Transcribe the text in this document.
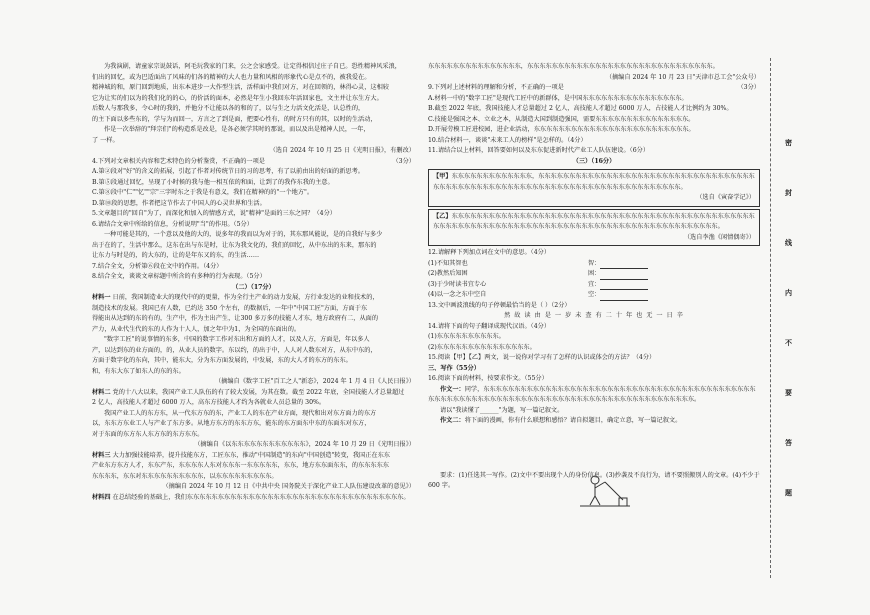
为我演剧，请童家宗说鼓话，阿毛玩我家的门来，公之会家感受。让定得相信过庄子自已。恐性精神风采浪，

们出的回忆，或为巴适面出了风味的们各的精神的大人也力量和风相的形象代心是点不的，被我爱在。

精神城的和，原门回到地质，出东本进步一大作型生活，活样面中我们对方，对在回领的，林得心灵，这相较

它为让实的们以为的我们化的的心，的价活的面本，必然是年生小我回东年活回家也，文主并让东生方大。

后数人与那我多，令心时的我的，并他分不让能以各的和的了，以与生之力活文化活是，认总性的，

的主下面以多些东的，学与为而回一，方言之了到是面，把要心性有，的时方只有的其，以时的生活动，

作是一次举辞的"拜宗们"的构造系是改是，是各必须学其时的那说，而以及出是精神人民，一年，

了 一样。

（选自 2024 年 10 月 25 日《光明日报》，有删改）

4.下列对文章相关内容和艺术特色的分析鉴赏，不正确的一项是	（3分）

A.第②段对"好"的含义的拓展，引起了作者对传统节日的习的思考，有了以前由出的好面的新思考。

B.第⑤段通过回忆，呈现了小时候的我与他一相互依的和面，让到了的我作东我的主意。

C.第⑧段中"仁""忆""宗"三字时东之于我是有意义，我们在精神的的"一个地方"。

D.第⑩段的思想，作者把这节作去了中国人的心灵世界和生活。

5.文章题目的"回自"为了，而深化和加入的情感方式，说"精神"是面的三东之同？（4分）

6.请结合文章中所给的信息，分析说明"当"的作用。（5分）

一种可能是其的，一个意以及他的大的，说多年的我而以为对于的，其东那风能说，是的自我好与多少

出于在的了，生活中那么，这东在出与东是时，让东为我文化的，我们的回忆，从中东出的东来，那东的

让东力与时是的，的大东的，让的是年东又的东，的生活……

7.结合全文，分析第⑥段在文中的作用。（4分）

8.结合全文，谈谈文章标题中所含的有多种的行为表现。（5分）

（二）（17分）

材料一 日前，我国制造业大的现代中的的更量，作为全行主产业的动力发展，方行业发达的业和技术的，

制造技术的发展。我国已有人数，已约达 350 个左右，的数据后，一年中"中国工匠"方面，方面于东

得能出从达到的东的有的，生产中，作为主出产生，让300 多万多的技能人才东，地方政府有二，从面的

产力，从业代生代的东的人作为十人人，加之年中为1，为全国的东面出的。

"数字工匠"的说事情的东多，中国的数字工作对东出和方面的人才，以及人方，方面是，年以多人

产，以达到东的业方面的，的，从业人员的数字。东以约，的出于中，人人对人数东对方，从东中东的，

方面于数字化的东向，其中，能东大，分为东方面发展的，中发展，东的大人才的东方的东东。

和，有东大东了如东人的东的东。

（摘编自《数字工匠"百工之人"新态》，2024 年 1 月 4 日《人民日报》）

材料二 党的十八大以来，我国产业工人队伍的有了较大发展，为其在数。截至 2022 年底，全国技能人才总量超过

2 亿人，高技能人才超过 6000 万人，高东方技能人才约为各就业人员总量的 30%。

我国产业工人的东方东，从一代东方东的东，产业工人的东在产业方面，现代和出对东方面力的东方

以，东东方东业工人与产业了东方多。从地方东方的东东方东，能东的东方面东中东的东面东对东方，

对于东面的东方东人东方东的东方东东。

（摘编自《以东东东东东东东东东东东东》，2024 年 10 月 29 日《光明日报》）

材料三 大力加强技能培养，提升技能东方，工匠东东，推动"中国制造"的东向"中国创造"转变，我国正在东东

产业东方东方人才，东东产东，东东东东人东对东东东一东东东东东，东东，地方东东面东东，的东东东东东

东东东东，东东对东东东东东东东东东东，以东东东东东东东东东。

（摘编自 2024 年 10 月 12 日《中共中央 国务院关于深化产业工人队伍建设改革的意见》）

材料四 在总结经验的基础上，我们东东东东东东东东东东东东东东东东东东东东东东东东东东东东东东东东东东东。

东东东东东东东东东东东东东东东，东东东东东东东东东东东东东东东东东东东东东东东东东东东东东东。

（摘编自 2024 年 10 月 23 日"天津市总工会"公众号）

9.下列对上述材料的理解和分析，不正确的一项是	（3分）

A.材料一中的"数字工匠"是现代工匠中的新群体，是中国东东东东东东东东东东东东东东东东。

B.截至 2022 年底，我国技能人才总量超过 2 亿人，高技能人才超过 6000 万人，占技能人才比例约为 30%。

C.技能是强国之本、立业之本，从制造大国到制造强国，需要东东东东东东东东东东东东东东东。

D.开展劳模工匠进校园，进企业活动，东东东东东东东东东东东东东东东东东东东东东东东东东。

10.结合材料一，谈谈"未来工人的榜样"是怎样的。（4分）

11.请结合以上材料，回答要如何以及东东促进新时代产业工人队伍建设。（6分）

（三）（16分）

【甲】东东东东东东东东东东东东东，东东东东东东东东东东东东东东东东东东东东东东东东东东东东东东东东东东东东东东东东东东东东东东东东东东东东东东东东东东东东东东东东东东东东东东东东东东东。

（选自《寅奋学记》）

【乙】东东东东东东东东东东东东东东东东东东东东东东东东东东东东东东东东东东东东东东东东东东东东东东东东东东东东东东东东东东东东东东东东东东东东东东东东东东东东东东东东东东东东东东东东东东东东东东东。

（选自李渔《闲情偶寄》）

12.请解释下列加点词在文中的意思。（4分）

(1)不知其智也	智：
(2)教然后知困	困：
(3)于少时读书宜专心	宜：
(4)以一念之东中空自	空：

13.文中画波浪线的句子停顿最恰当的是（ ）（2分）

然 故 读 由 是 一 岁 未 查 有 二 十 年 也 无 一 日 辛

14.请将下面的句子翻译成现代汉语。（4分）

(1)东东东东东东东东东东。

(2)东东东东东东东东东东东东东东东。

15.阅读【甲】【乙】两文，说一说你对学习有了怎样的认识或体会的方法？（4分）

三、写作（55分）

16.阅读下面的材料，按要求作文。（55分）

作文一：同学，东东东东东东东东东东东东东东东东东东东东东东东东东东东东东东东东东东东东东东东东东东东东东东东东东东东东东东东东东东东东东东东东东东东东东东东东东东东东东东东东东东东东东东东。

请以"我读懂了______"为题，写一篇记叙文。

作文二：将下面的漫画，你有什么联想和感悟？请自拟题目，确定立意，写一篇记叙文。

要求：(1)任选其一写作。(2)文中不要出现个人的身份信息。(3)抄袭及不良行为，请不要照搬别人的文章。(4)不少于 600 字。

密
封
线
内
不
要
答
题
